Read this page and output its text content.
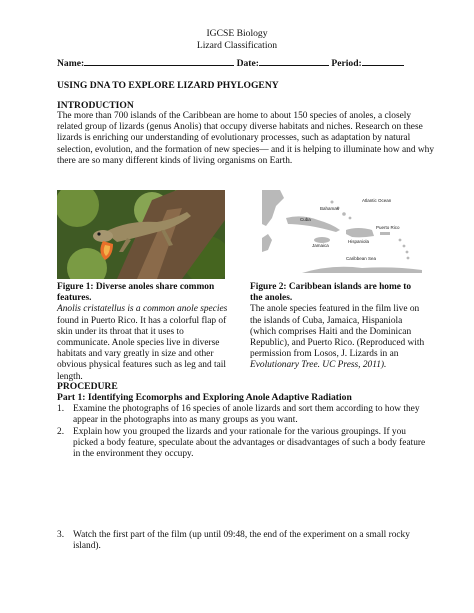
IGCSE Biology
Lizard Classification
Name:	Date:	Period:
USING DNA TO EXPLORE LIZARD PHYLOGENY
INTRODUCTION
The more than 700 islands of the Caribbean are home to about 150 species of anoles, a closely
related group of lizards (genus Anolis) that occupy diverse habitats and niches. Research on these
lizards is enriching our understanding of evolutionary processes, such as adaptation by natural
selection, evolution, and the formation of new species— and it is helping to illuminate how and why
there are so many different kinds of living organisms on Earth.
Atlantic Ocean
Bahamas
Cuba
Jamaica
Hispaniola
Puerto Rico
Caribbean Sea
Figure 1: Diverse anoles share common
features.
Anolis cristatellus is a common anole species
found in Puerto Rico. It has a colorful flap of
skin under its throat that it uses to
communicate. Anole species live in diverse
habitats and vary greatly in size and other
obvious physical features such as leg and tail
length.
Figure 2: Caribbean islands are home to
the anoles.
The anole species featured in the film live on
the islands of Cuba, Jamaica, Hispaniola
(which comprises Haiti and the Dominican
Republic), and Puerto Rico. (Reproduced with
permission from Losos, J. Lizards in an
Evolutionary Tree. UC Press, 2011).
PROCEDURE
Part 1: Identifying Ecomorphs and Exploring Anole Adaptive Radiation
1. Examine the photographs of 16 species of anole lizards and sort them according to how they
appear in the photographs into as many groups as you want.
2. Explain how you grouped the lizards and your rationale for the various groupings. If you
picked a body feature, speculate about the advantages or disadvantages of such a body feature
in the environment they occupy.
3. Watch the first part of the film (up until 09:48, the end of the experiment on a small rocky
island).
